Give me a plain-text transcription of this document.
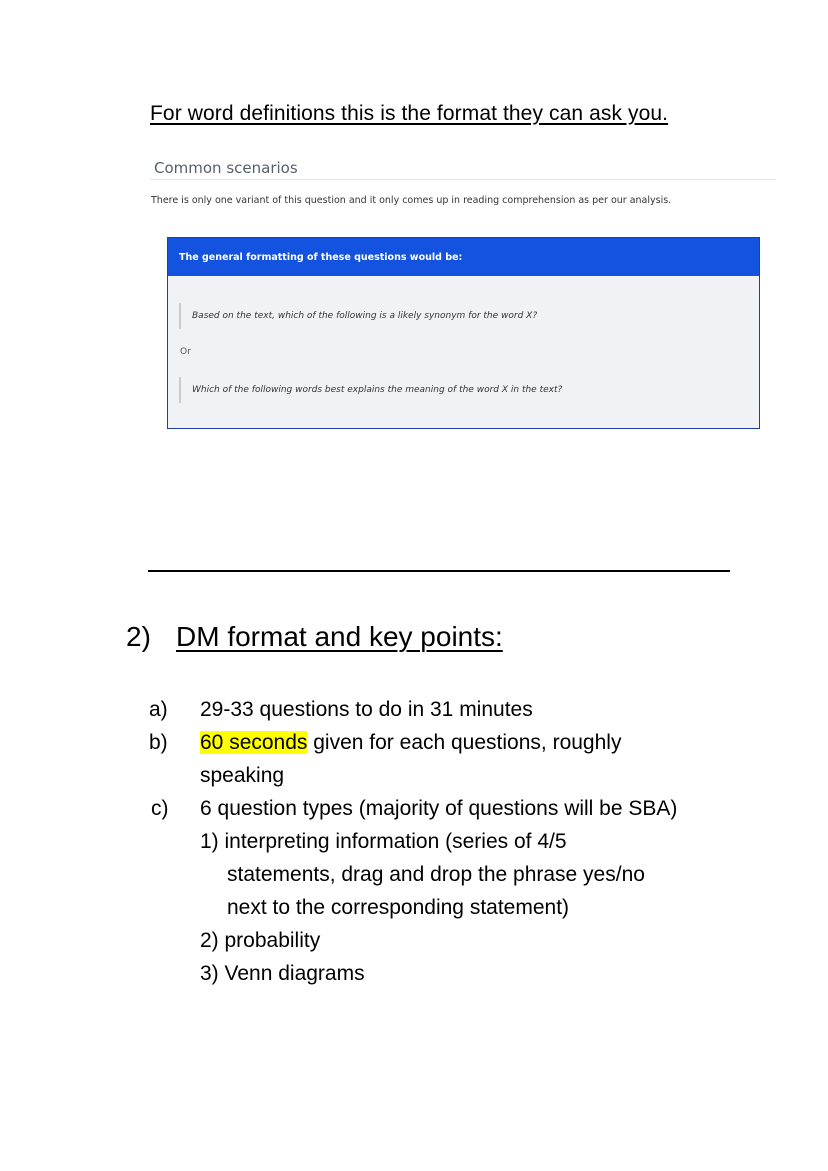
For word definitions this is the format they can ask you.
Common scenarios
There is only one variant of this question and it only comes up in reading comprehension as per our analysis.
The general formatting of these questions would be:
Based on the text, which of the following is a likely synonym for the word X?
Or
Which of the following words best explains the meaning of the word X in the text?
2) DM format and key points:
a) 29-33 questions to do in 31 minutes
b) 60 seconds given for each questions, roughly
speaking
c) 6 question types (majority of questions will be SBA)
1) interpreting information (series of 4/5
statements, drag and drop the phrase yes/no
next to the corresponding statement)
2) probability
3) Venn diagrams
